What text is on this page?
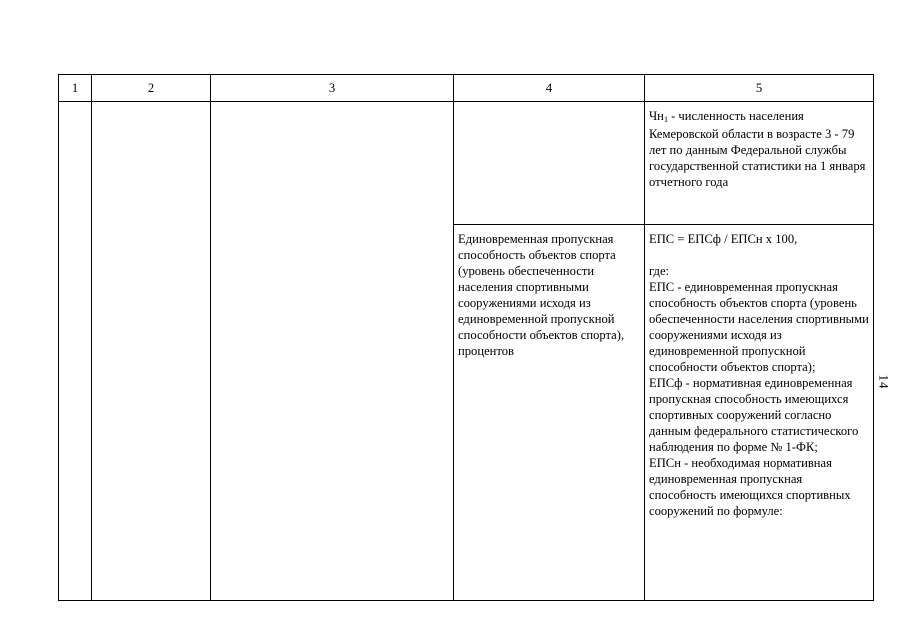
1	2	3	4	5

				$Чн_1$ - численность населения Кемеровской области в возрасте 3 - 79 лет по данным Федеральной службы государственной статистики на 1 января отчетного года

			Единовременная пропускная способность объектов спорта (уровень обеспеченности населения спортивными сооружениями исходя из единовременной пропускной способности объектов спорта), процентов	ЕПС = ЕПСф / ЕПСн х 100,
где:
ЕПС - единовременная пропускная способность объектов спорта (уровень обеспеченности населения спортивными сооружениями исходя из единовременной пропускной способности объектов спорта);
ЕПСф - нормативная единовременная пропускная способность имеющихся спортивных сооружений согласно данным федерального статистического наблюдения по форме № 1-ФК;
ЕПСн - необходимая нормативная единовременная пропускная способность имеющихся спортивных сооружений по формуле:
14
